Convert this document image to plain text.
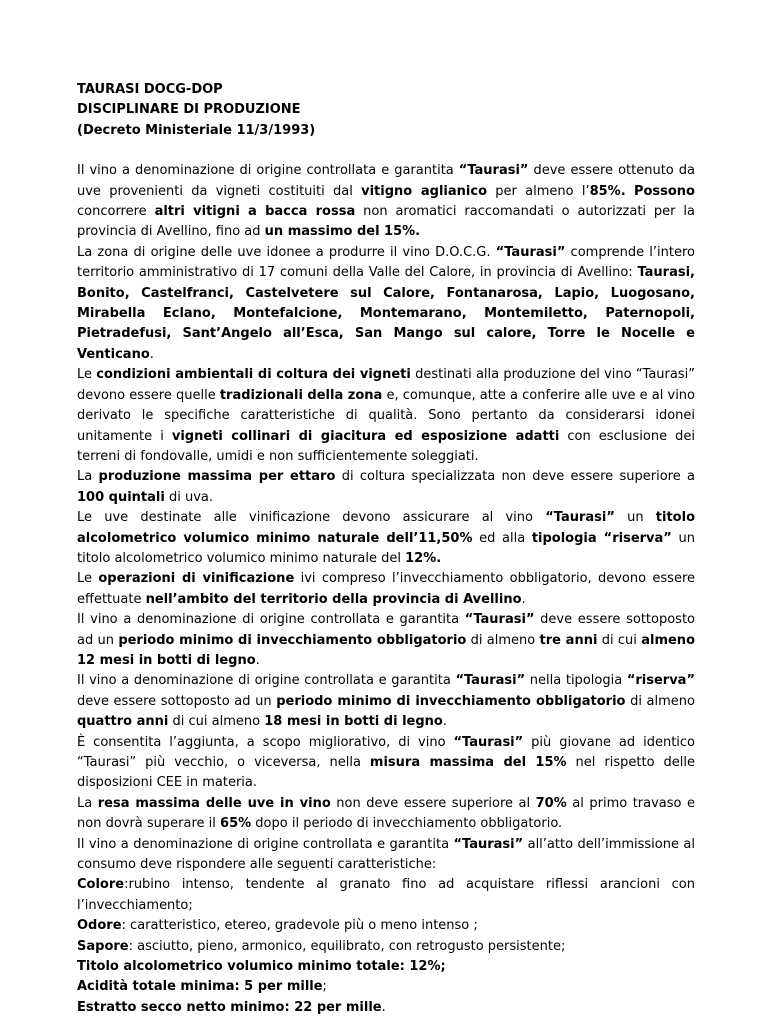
TAURASI DOCG-DOP
DISCIPLINARE DI PRODUZIONE
(Decreto Ministeriale 11/3/1993)

Il vino a denominazione di origine controllata e garantita “Taurasi” deve essere ottenuto da uve provenienti da vigneti costituiti dal vitigno aglianico per almeno l’85%. Possono concorrere altri vitigni a bacca rossa non aromatici raccomandati o autorizzati per la provincia di Avellino, fino ad un massimo del 15%.

La zona di origine delle uve idonee a produrre il vino D.O.C.G. “Taurasi” comprende l’intero territorio amministrativo di 17 comuni della Valle del Calore, in provincia di Avellino: Taurasi, Bonito, Castelfranci, Castelvetere sul Calore, Fontanarosa, Lapio, Luogosano, Mirabella Eclano, Montefalcione, Montemarano, Montemiletto, Paternopoli, Pietradefusi, Sant’Angelo all’Esca, San Mango sul calore, Torre le Nocelle e Venticano.

Le condizioni ambientali di coltura dei vigneti destinati alla produzione del vino “Taurasi” devono essere quelle tradizionali della zona e, comunque, atte a conferire alle uve e al vino derivato le specifiche caratteristiche di qualità. Sono pertanto da considerarsi idonei unitamente i vigneti collinari di giacitura ed esposizione adatti con esclusione dei terreni di fondovalle, umidi e non sufficientemente soleggiati.

La produzione massima per ettaro di coltura specializzata non deve essere superiore a 100 quintali di uva.

Le uve destinate alle vinificazione devono assicurare al vino “Taurasi” un titolo alcolometrico volumico minimo naturale dell’11,50% ed alla tipologia “riserva” un titolo alcolometrico volumico minimo naturale del 12%.

Le operazioni di vinificazione ivi compreso l’invecchiamento obbligatorio, devono essere effettuate nell’ambito del territorio della provincia di Avellino.

Il vino a denominazione di origine controllata e garantita “Taurasi” deve essere sottoposto ad un periodo minimo di invecchiamento obbligatorio di almeno tre anni di cui almeno 12 mesi in botti di legno.

Il vino a denominazione di origine controllata e garantita “Taurasi” nella tipologia “riserva” deve essere sottoposto ad un periodo minimo di invecchiamento obbligatorio di almeno quattro anni di cui almeno 18 mesi in botti di legno.

È consentita l’aggiunta, a scopo migliorativo, di vino “Taurasi” più giovane ad identico “Taurasi” più vecchio, o viceversa, nella misura massima del 15% nel rispetto delle disposizioni CEE in materia.

La resa massima delle uve in vino non deve essere superiore al 70% al primo travaso e non dovrà superare il 65% dopo il periodo di invecchiamento obbligatorio.

Il vino a denominazione di origine controllata e garantita “Taurasi” all’atto dell’immissione al consumo deve rispondere alle seguenti caratteristiche:

Colore:rubino intenso, tendente al granato fino ad acquistare riflessi arancioni con l’invecchiamento;

Odore: caratteristico, etereo, gradevole più o meno intenso ;

Sapore: asciutto, pieno, armonico, equilibrato, con retrogusto persistente;

Titolo alcolometrico volumico minimo totale: 12%;

Acidità totale minima: 5 per mille;

Estratto secco netto minimo: 22 per mille.
